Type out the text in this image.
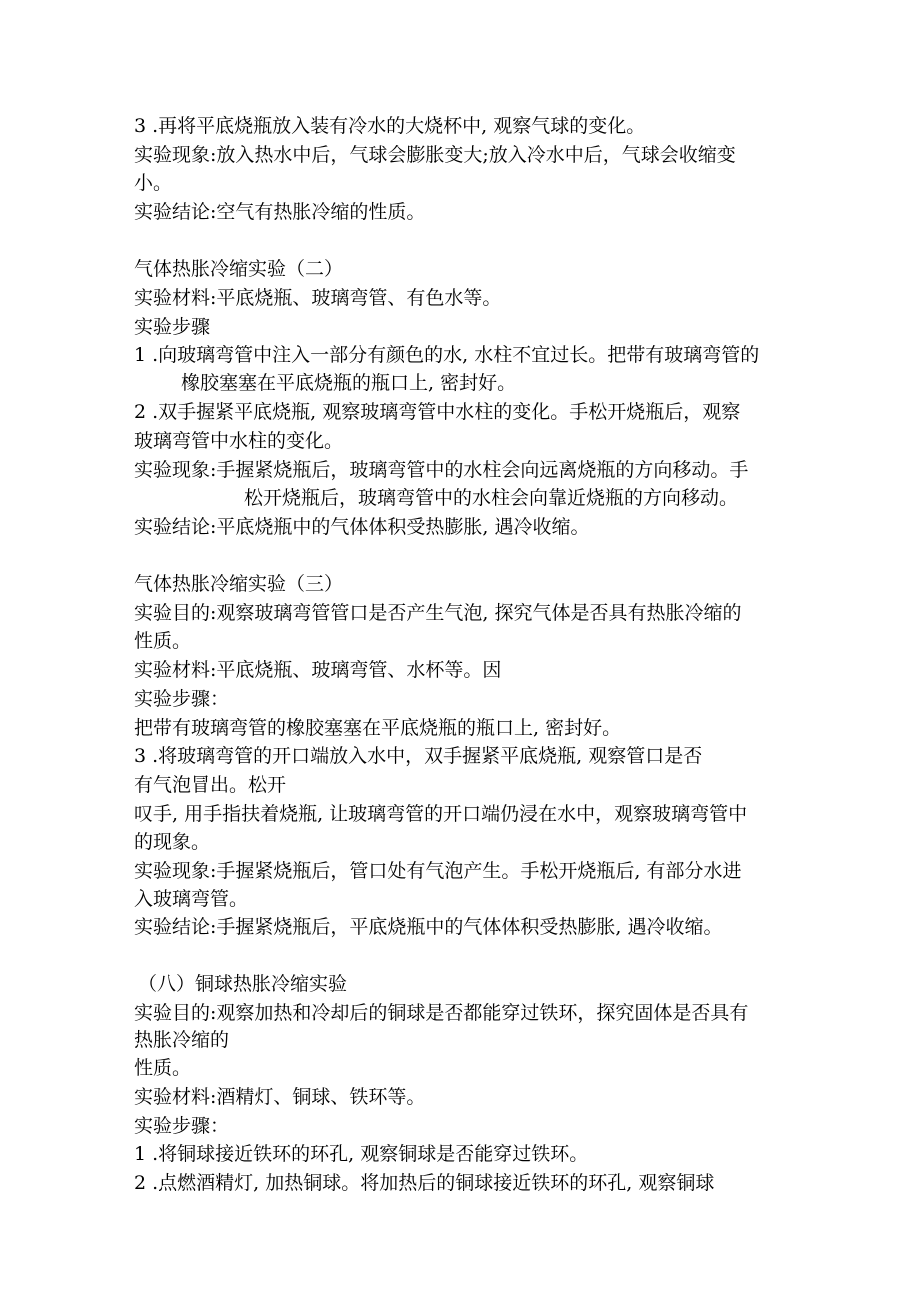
3 .再将平底烧瓶放入装有冷水的大烧杯中, 观察气球的变化。
实验现象:放入热水中后，气球会膨胀变大;放入冷水中后，气球会收缩变
小。
实验结论:空气有热胀冷缩的性质。
气体热胀冷缩实验（二）
实验材料:平底烧瓶、玻璃弯管、有色水等。
实验步骤
1 .向玻璃弯管中注入一部分有颜色的水, 水柱不宜过长。把带有玻璃弯管的
橡胶塞塞在平底烧瓶的瓶口上, 密封好。
2 .双手握紧平底烧瓶, 观察玻璃弯管中水柱的变化。手松开烧瓶后，观察
玻璃弯管中水柱的变化。
实验现象:手握紧烧瓶后，玻璃弯管中的水柱会向远离烧瓶的方向移动。手
松开烧瓶后，玻璃弯管中的水柱会向靠近烧瓶的方向移动。
实验结论:平底烧瓶中的气体体积受热膨胀, 遇冷收缩。
气体热胀冷缩实验（三）
实验目的:观察玻璃弯管管口是否产生气泡, 探究气体是否具有热胀冷缩的
性质。
实验材料:平底烧瓶、玻璃弯管、水杯等。因
实验步骤：
把带有玻璃弯管的橡胶塞塞在平底烧瓶的瓶口上, 密封好。
3 .将玻璃弯管的开口端放入水中，双手握紧平底烧瓶, 观察管口是否
有气泡冒出。松开
叹手, 用手指扶着烧瓶, 让玻璃弯管的开口端仍浸在水中，观察玻璃弯管中
的现象。
实验现象:手握紧烧瓶后，管口处有气泡产生。手松开烧瓶后, 有部分水进
入玻璃弯管。
实验结论:手握紧烧瓶后，平底烧瓶中的气体体积受热膨胀, 遇冷收缩。
（八）铜球热胀冷缩实验
实验目的:观察加热和冷却后的铜球是否都能穿过铁环，探究固体是否具有
热胀冷缩的
性质。
实验材料:酒精灯、铜球、铁环等。
实验步骤：
1 .将铜球接近铁环的环孔, 观察铜球是否能穿过铁环。
2 .点燃酒精灯, 加热铜球。将加热后的铜球接近铁环的环孔, 观察铜球
